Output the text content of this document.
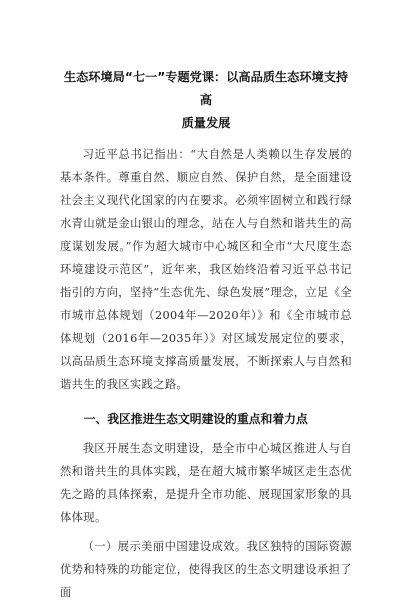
生态环境局“七一”专题党课：以高品质生态环境支持高
质量发展

习近平总书记指出：“大自然是人类赖以生存发展的基本条件。尊重自然、顺应自然、保护自然，是全面建设社会主义现代化国家的内在要求。必须牢固树立和践行绿水青山就是金山银山的理念，站在人与自然和谐共生的高度谋划发展。”作为超大城市中心城区和全市“大尺度生态环境建设示范区”，近年来，我区始终沿着习近平总书记指引的方向，坚持“生态优先、绿色发展”理念，立足《全市城市总体规划（2004年—2020年）》和《全市城市总体规划（2016年—2035年）》对区域发展定位的要求，以高品质生态环境支撑高质量发展，不断探索人与自然和谐共生的我区实践之路。

一、我区推进生态文明建设的重点和着力点

我区开展生态文明建设，是全市中心城区推进人与自然和谐共生的具体实践，是在超大城市繁华城区走生态优先之路的具体探索，是提升全市功能、展现国家形象的具体体现。

（一）展示美丽中国建设成效。我区独特的国际资源优势和特殊的功能定位，使得我区的生态文明建设承担了面
